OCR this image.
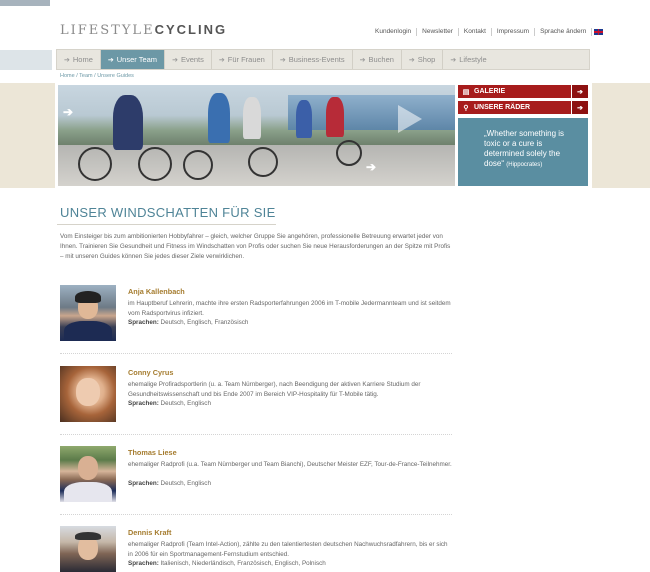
LIFESTYLECYCLING	Kundenlogin	Newsletter	Kontakt	Impressum	Sprache ändern
➔ Home ➔ Unser Team ➔ Events ➔ Für Frauen ➔ Business-Events ➔ Buchen ➔ Shop ➔ Lifestyle
Home / Team / Unsere Guides
➔
➔
▤ GALERIE	➔
⚲ UNSERE RÄDER	➔
„Whether something is toxic or a cure is determined solely the dose“ (Hippocrates)
UNSER WINDSCHATTEN FÜR SIE
Vom Einsteiger bis zum ambitionierten Hobbyfahrer – gleich, welcher Gruppe Sie angehören, professionelle Betreuung erwartet jeder von Ihnen. Trainieren Sie Gesundheit und Fitness im Windschatten von Profis oder suchen Sie neue Herausforderungen an der Spitze mit Profis – mit unseren Guides können Sie jedes dieser Ziele verwirklichen.
Anja Kallenbach
im Hauptberuf Lehrerin, machte ihre ersten Radsporterfahrungen 2006 im T-mobile Jedermannteam und ist seitdem vom Radsportvirus infiziert.
Sprachen: Deutsch, Englisch, Französisch
Conny Cyrus
ehemalige Profiradsportlerin (u. a. Team Nürnberger), nach Beendigung der aktiven Karriere Studium der Gesundheitswissenschaft und bis Ende 2007 im Bereich VIP-Hospitality für T-Mobile tätig.
Sprachen: Deutsch, Englisch
Thomas Liese
ehemaliger Radprofi (u.a. Team Nürnberger und Team Bianchi), Deutscher Meister EZF, Tour-de-France-Teilnehmer.
Sprachen: Deutsch, Englisch
Dennis Kraft
ehemaliger Radprofi (Team Intel-Action), zählte zu den talentiertesten deutschen Nachwuchsradfahrern, bis er sich in 2006 für ein Sportmanagement-Fernstudium entschied.
Sprachen: Italienisch, Niederländisch, Französisch, Englisch, Polnisch
